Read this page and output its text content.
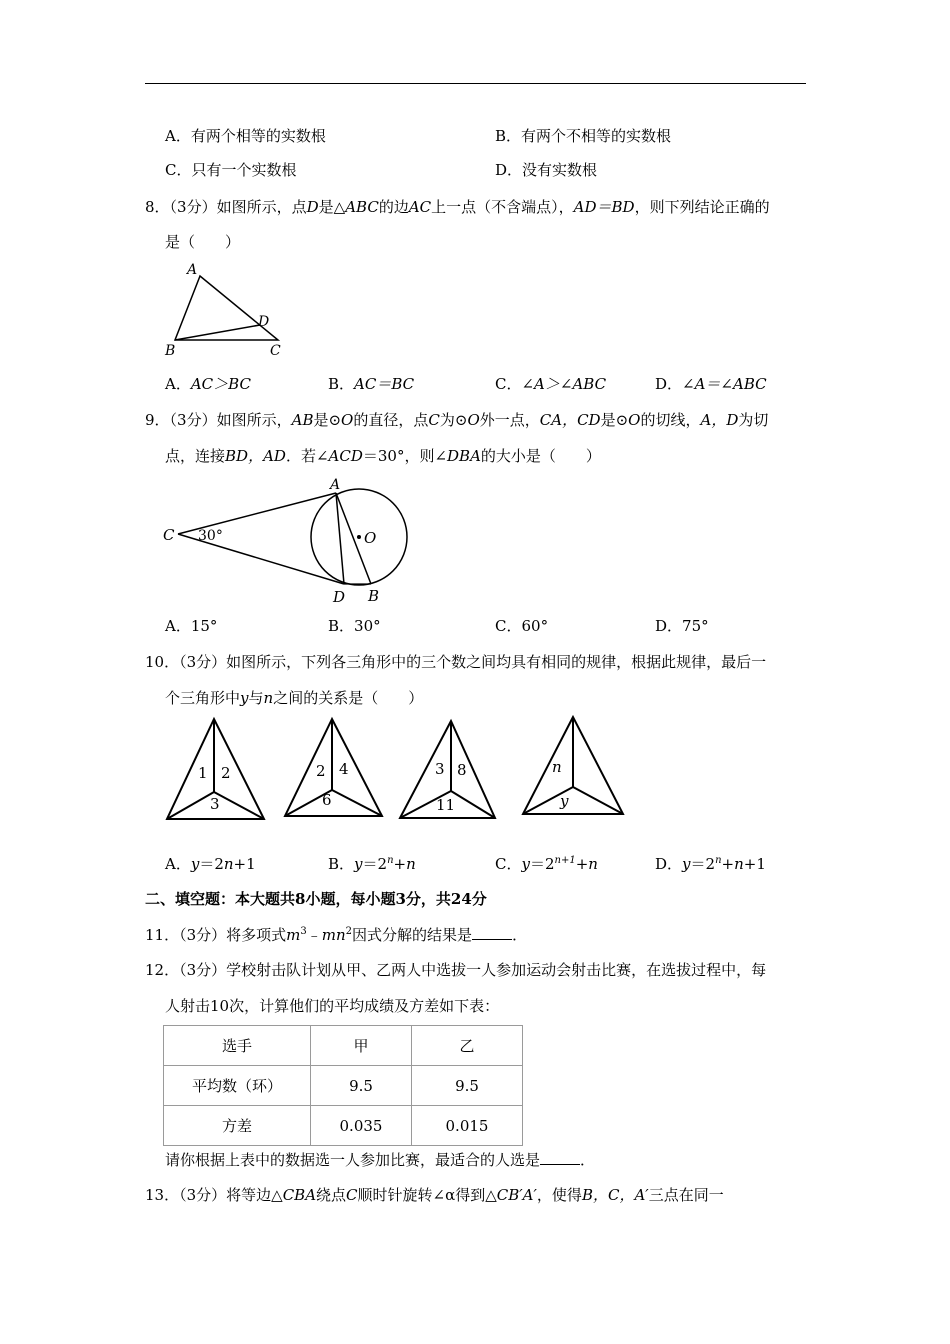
A．有两个相等的实数根	B．有两个不相等的实数根
C．只有一个实数根	D．没有实数根
8．（3分）如图所示，点D是△ABC的边AC上一点（不含端点），AD＝BD，则下列结论正确的
是（　　）
A
B	C
D
A．AC＞BC	B．AC＝BC	C．∠A＞∠ABC	D．∠A＝∠ABC
9．（3分）如图所示，AB是⊙O的直径，点C为⊙O外一点，CA，CD是⊙O的切线，A，D为切
点，连接BD，AD．若∠ACD＝30°，则∠DBA的大小是（　　）
C 30°
A
O
D B
A．15°	B．30°	C．60°	D．75°
10．（3分）如图所示，下列各三角形中的三个数之间均具有相同的规律，根据此规律，最后一
个三角形中y与n之间的关系是（　　）
1 2
3
2 4
6
3 8
11
n
y
A．y＝2n+1	B．$y=2^n+n$	C．$y=2^{n+1}+n$	D．$y=2^n+n+1$
二、填空题：本大题共8小题，每小题3分，共24分
11．（3分）将多项式$m^3﹣mn^2$因式分解的结果是	．
12．（3分）学校射击队计划从甲、乙两人中选拔一人参加运动会射击比赛，在选拔过程中，每
人射击10次，计算他们的平均成绩及方差如下表：
选手	甲	乙
平均数（环）	9.5	9.5
方差	0.035	0.015
请你根据上表中的数据选一人参加比赛，最适合的人选是	．
13．（3分）将等边△CBA绕点C顺时针旋转∠α得到△CB′A′，使得B，C，A′三点在同一
